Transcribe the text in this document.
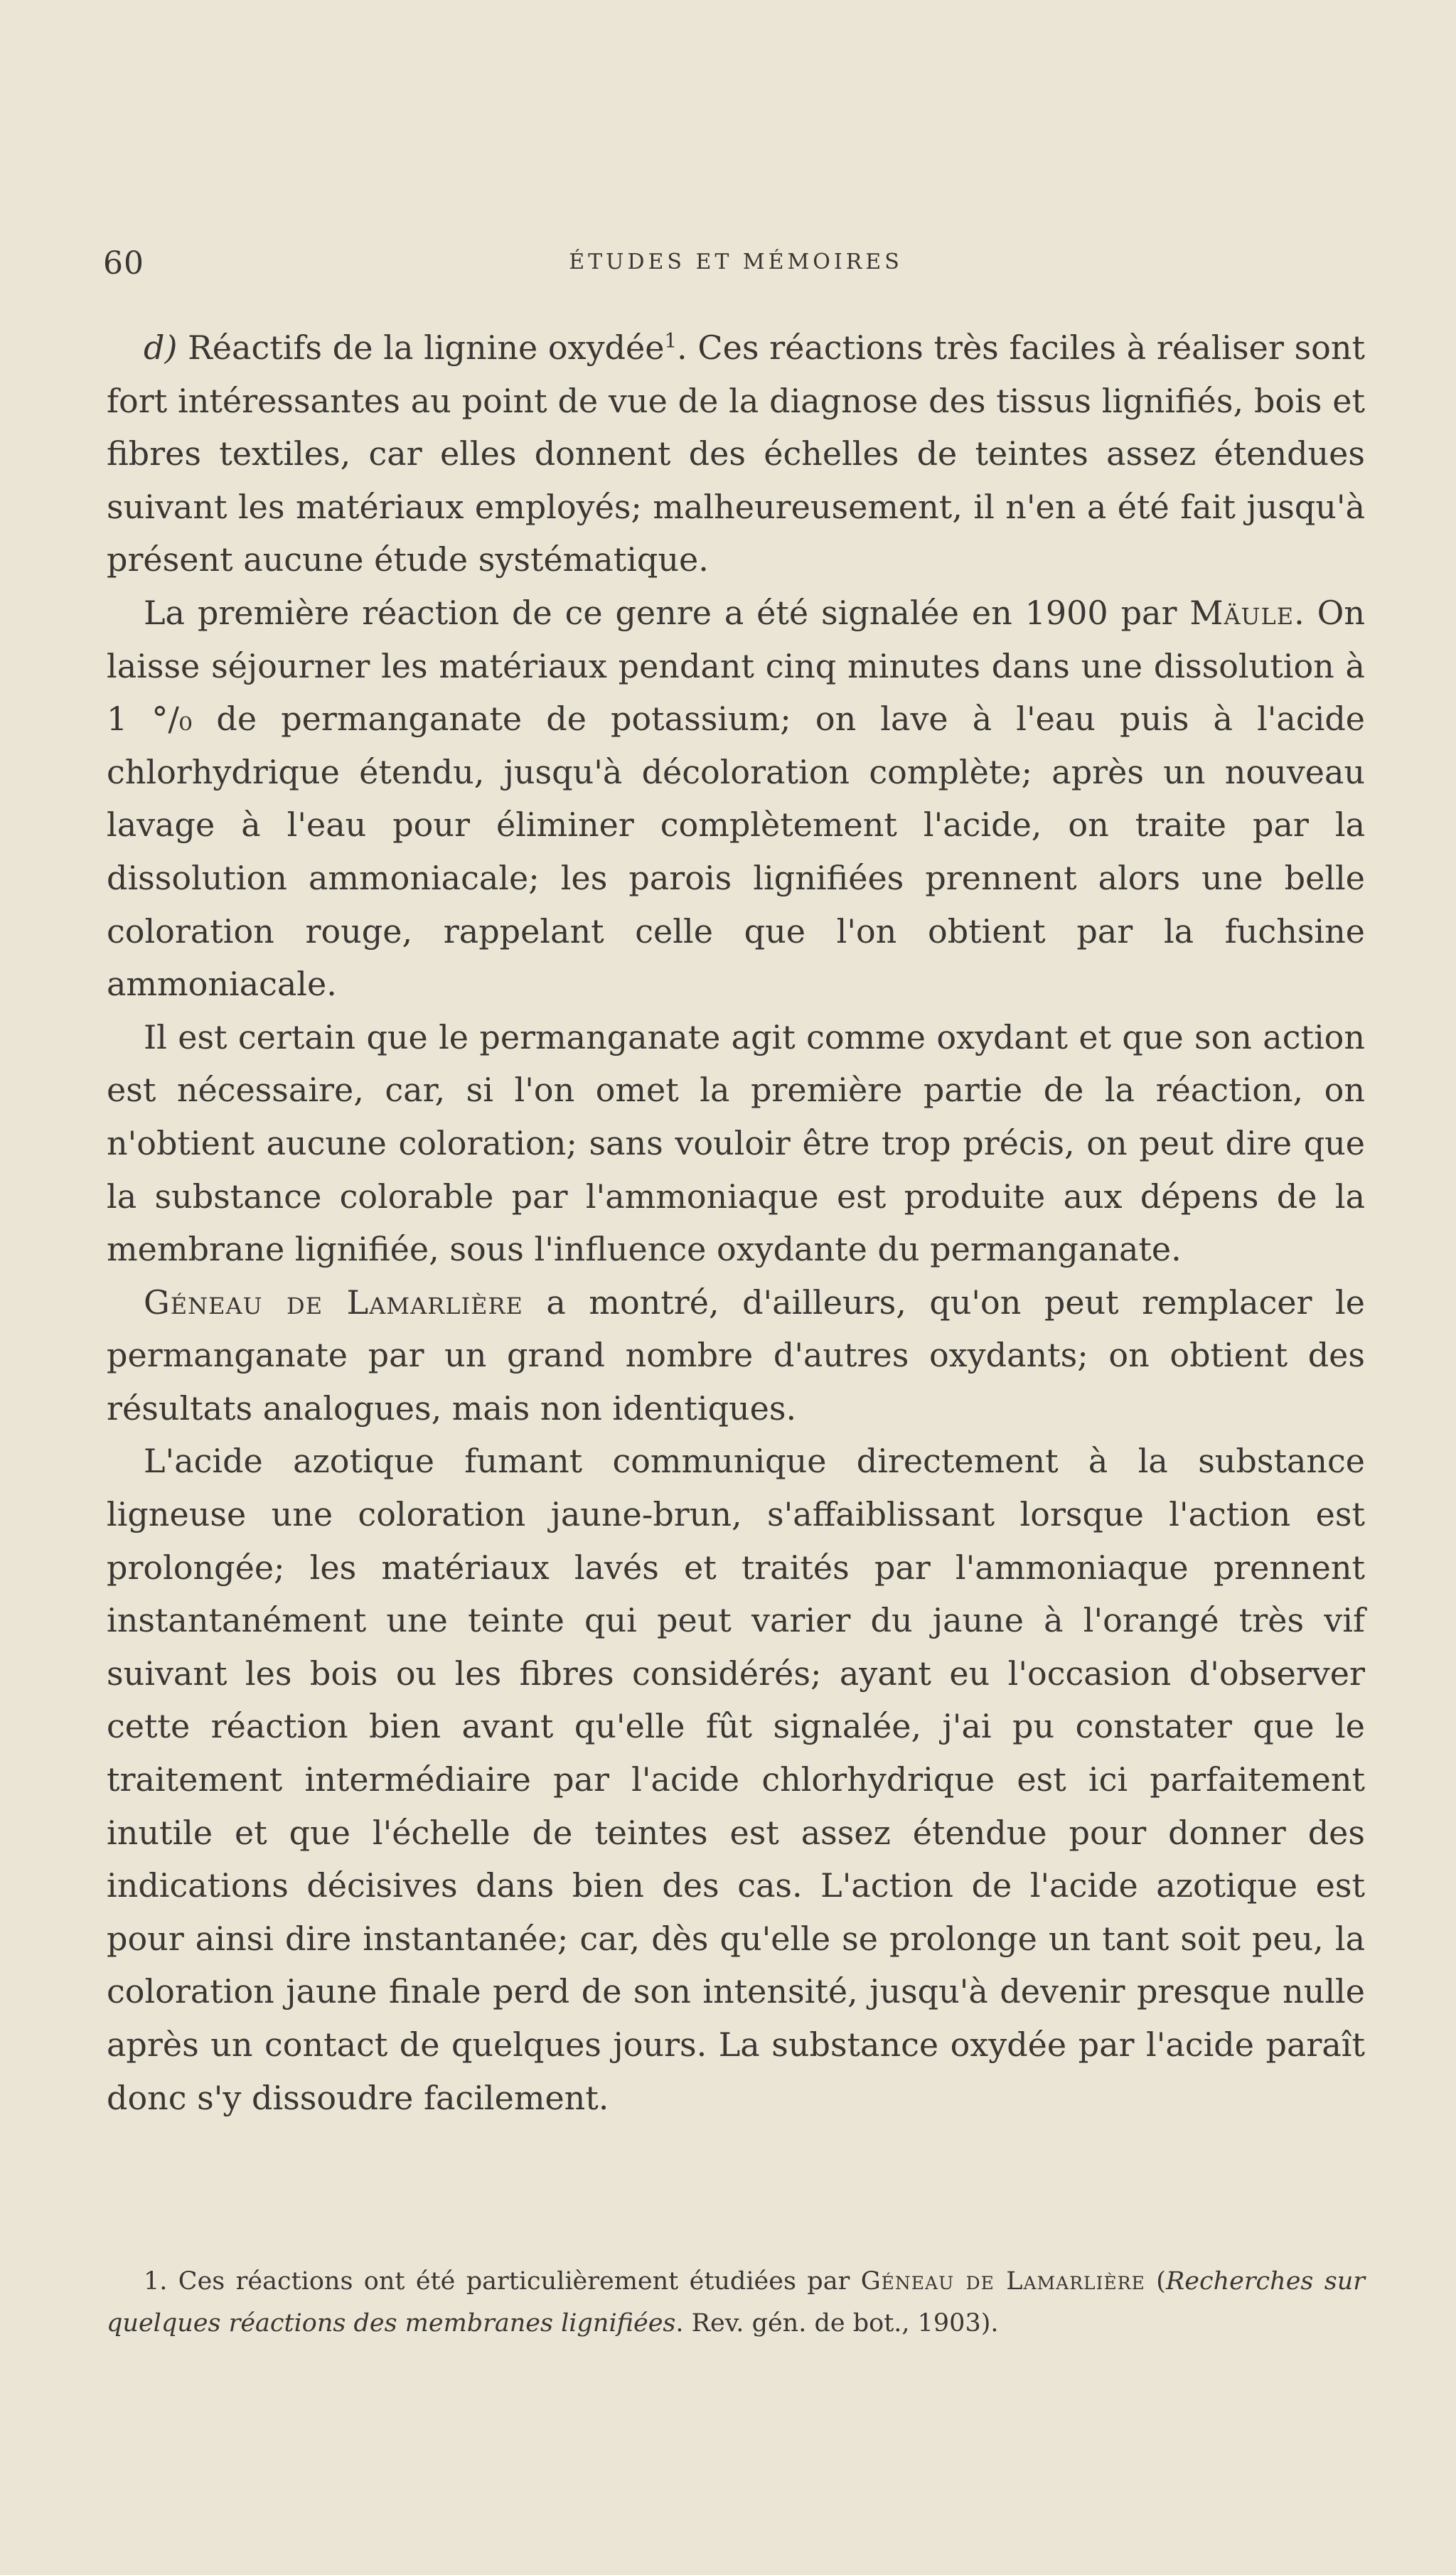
60	ÉTUDES ET MÉMOIRES

d) Réactifs de la lignine oxydée$^1$. Ces réactions très faciles à réaliser sont fort intéressantes au point de vue de la diagnose des tissus lignifiés, bois et fibres textiles, car elles donnent des échelles de teintes assez étendues suivant les matériaux employés; malheureusement, il n'en a été fait jusqu'à présent aucune étude systématique.

La première réaction de ce genre a été signalée en 1900 par Mäule. On laisse séjourner les matériaux pendant cinq minutes dans une dissolution à 1 °/₀ de permanganate de potassium; on lave à l'eau puis à l'acide chlorhydrique étendu, jusqu'à décoloration complète; après un nouveau lavage à l'eau pour éliminer complètement l'acide, on traite par la dissolution ammoniacale; les parois lignifiées prennent alors une belle coloration rouge, rappelant celle que l'on obtient par la fuchsine ammoniacale.

Il est certain que le permanganate agit comme oxydant et que son action est nécessaire, car, si l'on omet la première partie de la réaction, on n'obtient aucune coloration; sans vouloir être trop précis, on peut dire que la substance colorable par l'ammoniaque est produite aux dépens de la membrane lignifiée, sous l'influence oxydante du permanganate.

Géneau de Lamarlière a montré, d'ailleurs, qu'on peut remplacer le permanganate par un grand nombre d'autres oxydants; on obtient des résultats analogues, mais non identiques.

L'acide azotique fumant communique directement à la substance ligneuse une coloration jaune-brun, s'affaiblissant lorsque l'action est prolongée; les matériaux lavés et traités par l'ammoniaque prennent instantanément une teinte qui peut varier du jaune à l'orangé très vif suivant les bois ou les fibres considérés; ayant eu l'occasion d'observer cette réaction bien avant qu'elle fût signalée, j'ai pu constater que le traitement intermédiaire par l'acide chlorhydrique est ici parfaitement inutile et que l'échelle de teintes est assez étendue pour donner des indications décisives dans bien des cas. L'action de l'acide azotique est pour ainsi dire instantanée; car, dès qu'elle se prolonge un tant soit peu, la coloration jaune finale perd de son intensité, jusqu'à devenir presque nulle après un contact de quelques jours. La substance oxydée par l'acide paraît donc s'y dissoudre facilement.

1. Ces réactions ont été particulièrement étudiées par Géneau de Lamarlière (Recherches sur quelques réactions des membranes lignifiées. Rev. gén. de bot., 1903).
